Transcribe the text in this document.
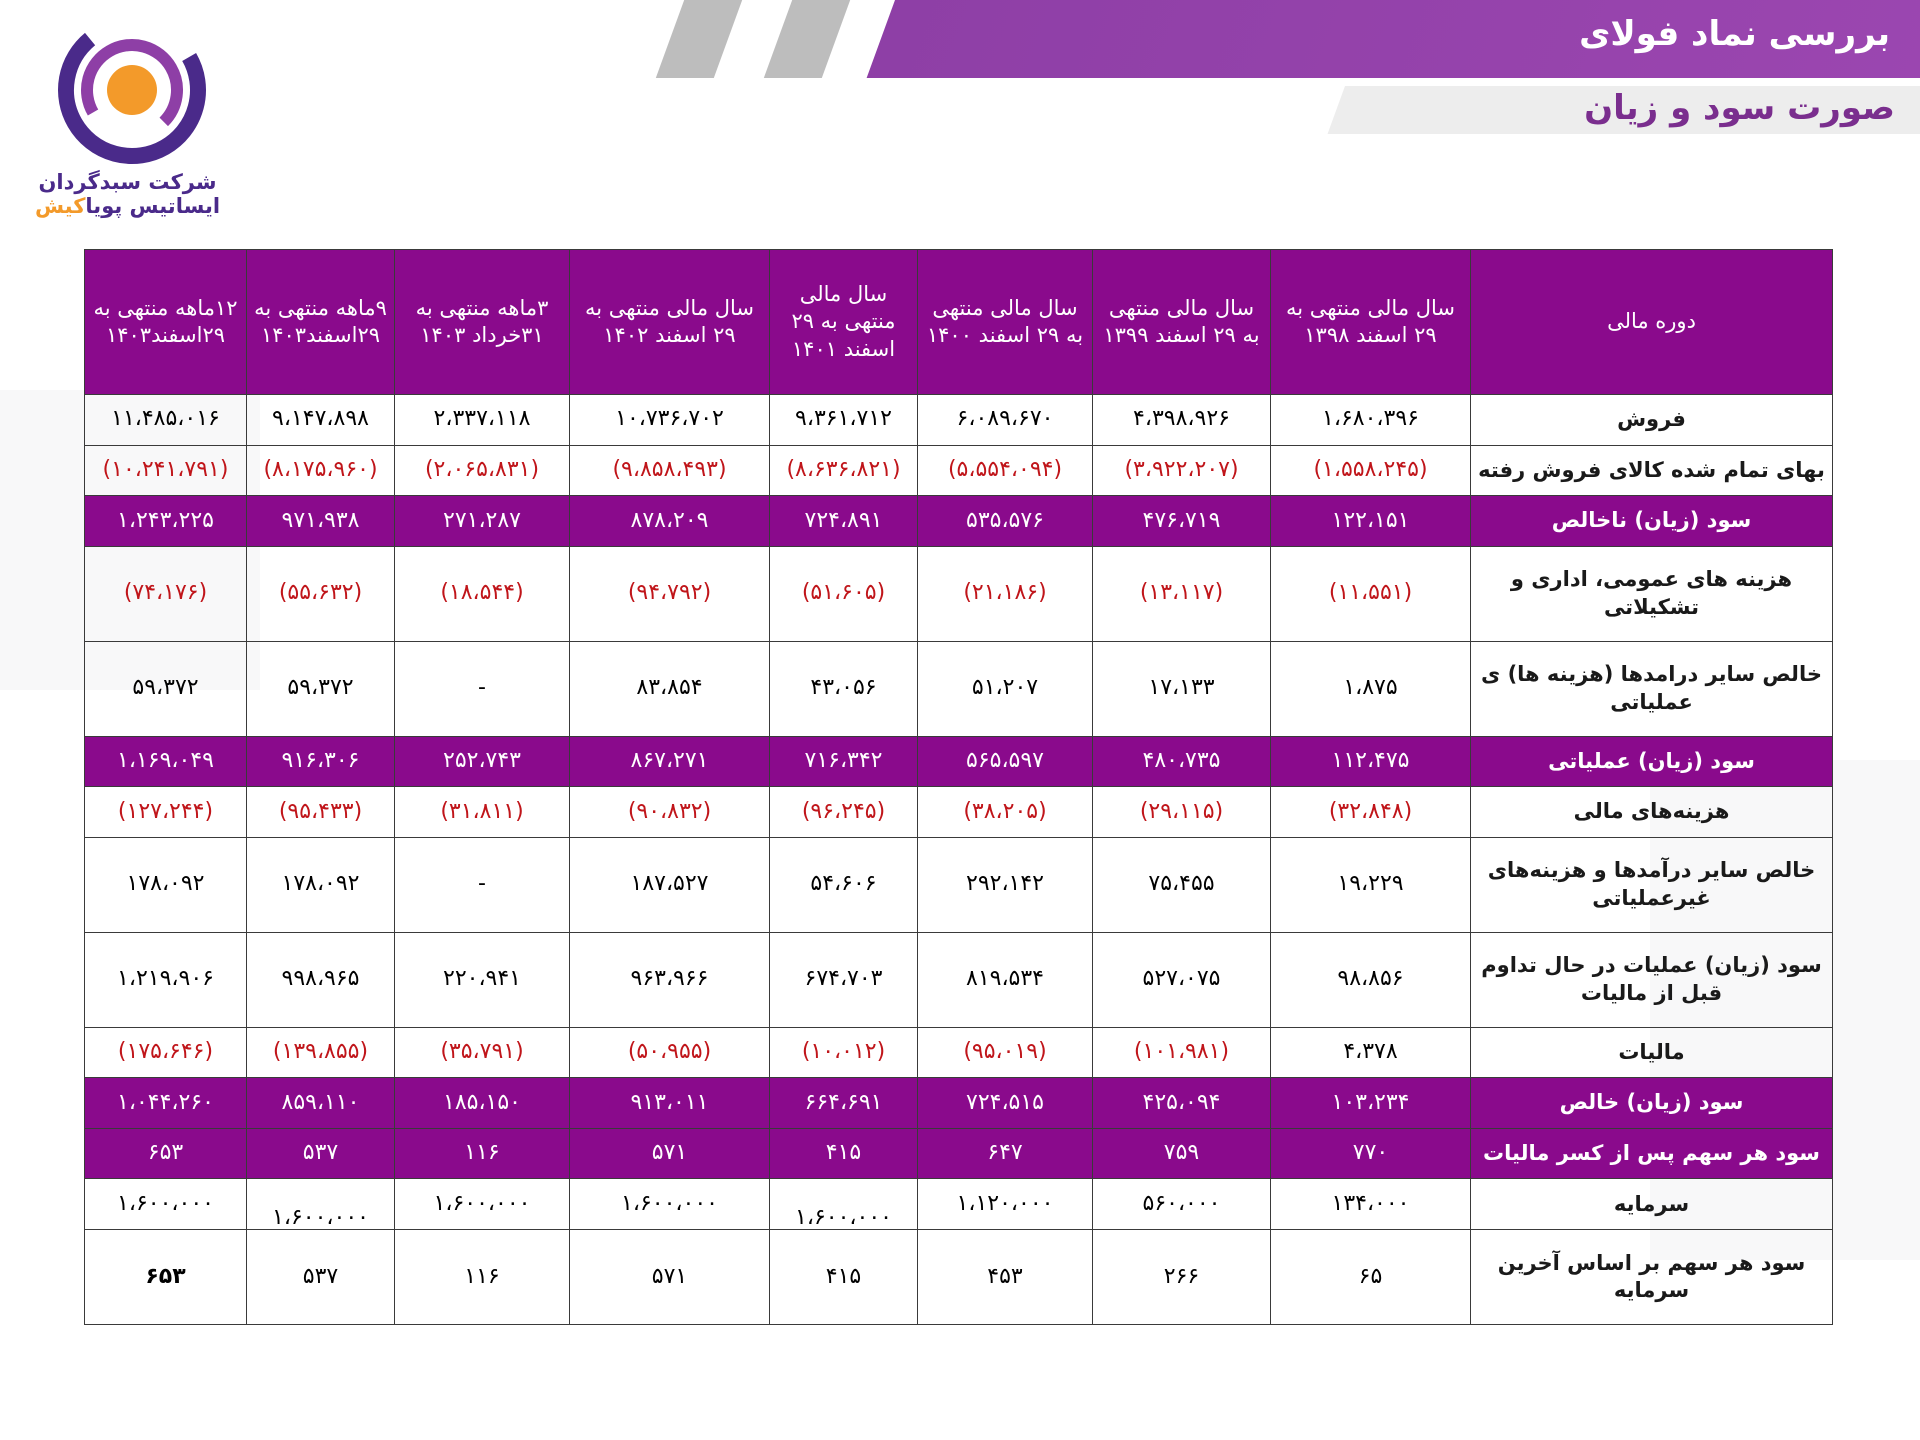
بررسی نماد فولای
صورت سود و زیان
شرکت سبدگردان
ایساتیس پویاکیش
دوره مالی	سال مالی منتهی به ۲۹ اسفند ۱۳۹۸	سال مالی منتهی به ۲۹ اسفند ۱۳۹۹	سال مالی منتهی به ۲۹ اسفند ۱۴۰۰	سال مالی منتهی به ۲۹ اسفند ۱۴۰۱	سال مالی منتهی به ۲۹ اسفند ۱۴۰۲	۳ماهه منتهی به ۳۱خرداد ۱۴۰۳	۹ماهه منتهی به ۲۹اسفند۱۴۰۳	۱۲ماهه منتهی به ۲۹اسفند۱۴۰۳
فروش	۱،۶۸۰،۳۹۶	۴،۳۹۸،۹۲۶	۶،۰۸۹،۶۷۰	۹،۳۶۱،۷۱۲	۱۰،۷۳۶،۷۰۲	۲،۳۳۷،۱۱۸	۹،۱۴۷،۸۹۸	۱۱،۴۸۵،۰۱۶
بهای تمام شده کالای فروش رفته	(۱،۵۵۸،۲۴۵)	(۳،۹۲۲،۲۰۷)	(۵،۵۵۴،۰۹۴)	(۸،۶۳۶،۸۲۱)	(۹،۸۵۸،۴۹۳)	(۲،۰۶۵،۸۳۱)	(۸،۱۷۵،۹۶۰)	(۱۰،۲۴۱،۷۹۱)
سود (زیان) ناخالص	۱۲۲،۱۵۱	۴۷۶،۷۱۹	۵۳۵،۵۷۶	۷۲۴،۸۹۱	۸۷۸،۲۰۹	۲۷۱،۲۸۷	۹۷۱،۹۳۸	۱،۲۴۳،۲۲۵
هزینه های عمومی، اداری و تشکیلاتی	(۱۱،۵۵۱)	(۱۳،۱۱۷)	(۲۱،۱۸۶)	(۵۱،۶۰۵)	(۹۴،۷۹۲)	(۱۸،۵۴۴)	(۵۵،۶۳۲)	(۷۴،۱۷۶)
خالص سایر درامدها (هزینه ها) ی عملیاتی	۱،۸۷۵	۱۷،۱۳۳	۵۱،۲۰۷	۴۳،۰۵۶	۸۳،۸۵۴	-	۵۹،۳۷۲	۵۹،۳۷۲
سود (زیان) عملیاتی	۱۱۲،۴۷۵	۴۸۰،۷۳۵	۵۶۵،۵۹۷	۷۱۶،۳۴۲	۸۶۷،۲۷۱	۲۵۲،۷۴۳	۹۱۶،۳۰۶	۱،۱۶۹،۰۴۹
هزینه‌های مالی	(۳۲،۸۴۸)	(۲۹،۱۱۵)	(۳۸،۲۰۵)	(۹۶،۲۴۵)	(۹۰،۸۳۲)	(۳۱،۸۱۱)	(۹۵،۴۳۳)	(۱۲۷،۲۴۴)
خالص سایر درآمدها و هزینه‌های غیرعملیاتی	۱۹،۲۲۹	۷۵،۴۵۵	۲۹۲،۱۴۲	۵۴،۶۰۶	۱۸۷،۵۲۷	-	۱۷۸،۰۹۲	۱۷۸،۰۹۲
سود (زیان) عملیات در حال تداوم قبل از مالیات	۹۸،۸۵۶	۵۲۷،۰۷۵	۸۱۹،۵۳۴	۶۷۴،۷۰۳	۹۶۳،۹۶۶	۲۲۰،۹۴۱	۹۹۸،۹۶۵	۱،۲۱۹،۹۰۶
مالیات	۴،۳۷۸	(۱۰۱،۹۸۱)	(۹۵،۰۱۹)	(۱۰،۰۱۲)	(۵۰،۹۵۵)	(۳۵،۷۹۱)	(۱۳۹،۸۵۵)	(۱۷۵،۶۴۶)
سود (زیان) خالص	۱۰۳،۲۳۴	۴۲۵،۰۹۴	۷۲۴،۵۱۵	۶۶۴،۶۹۱	۹۱۳،۰۱۱	۱۸۵،۱۵۰	۸۵۹،۱۱۰	۱،۰۴۴،۲۶۰
سود هر سهم پس از کسر مالیات	۷۷۰	۷۵۹	۶۴۷	۴۱۵	۵۷۱	۱۱۶	۵۳۷	۶۵۳
سرمایه	۱۳۴،۰۰۰	۵۶۰،۰۰۰	۱،۱۲۰،۰۰۰	۱،۶۰۰،۰۰۰	۱،۶۰۰،۰۰۰	۱،۶۰۰،۰۰۰	۱،۶۰۰،۰۰۰	۱،۶۰۰،۰۰۰
سود هر سهم بر اساس آخرین سرمایه	۶۵	۲۶۶	۴۵۳	۴۱۵	۵۷۱	۱۱۶	۵۳۷	۶۵۳
